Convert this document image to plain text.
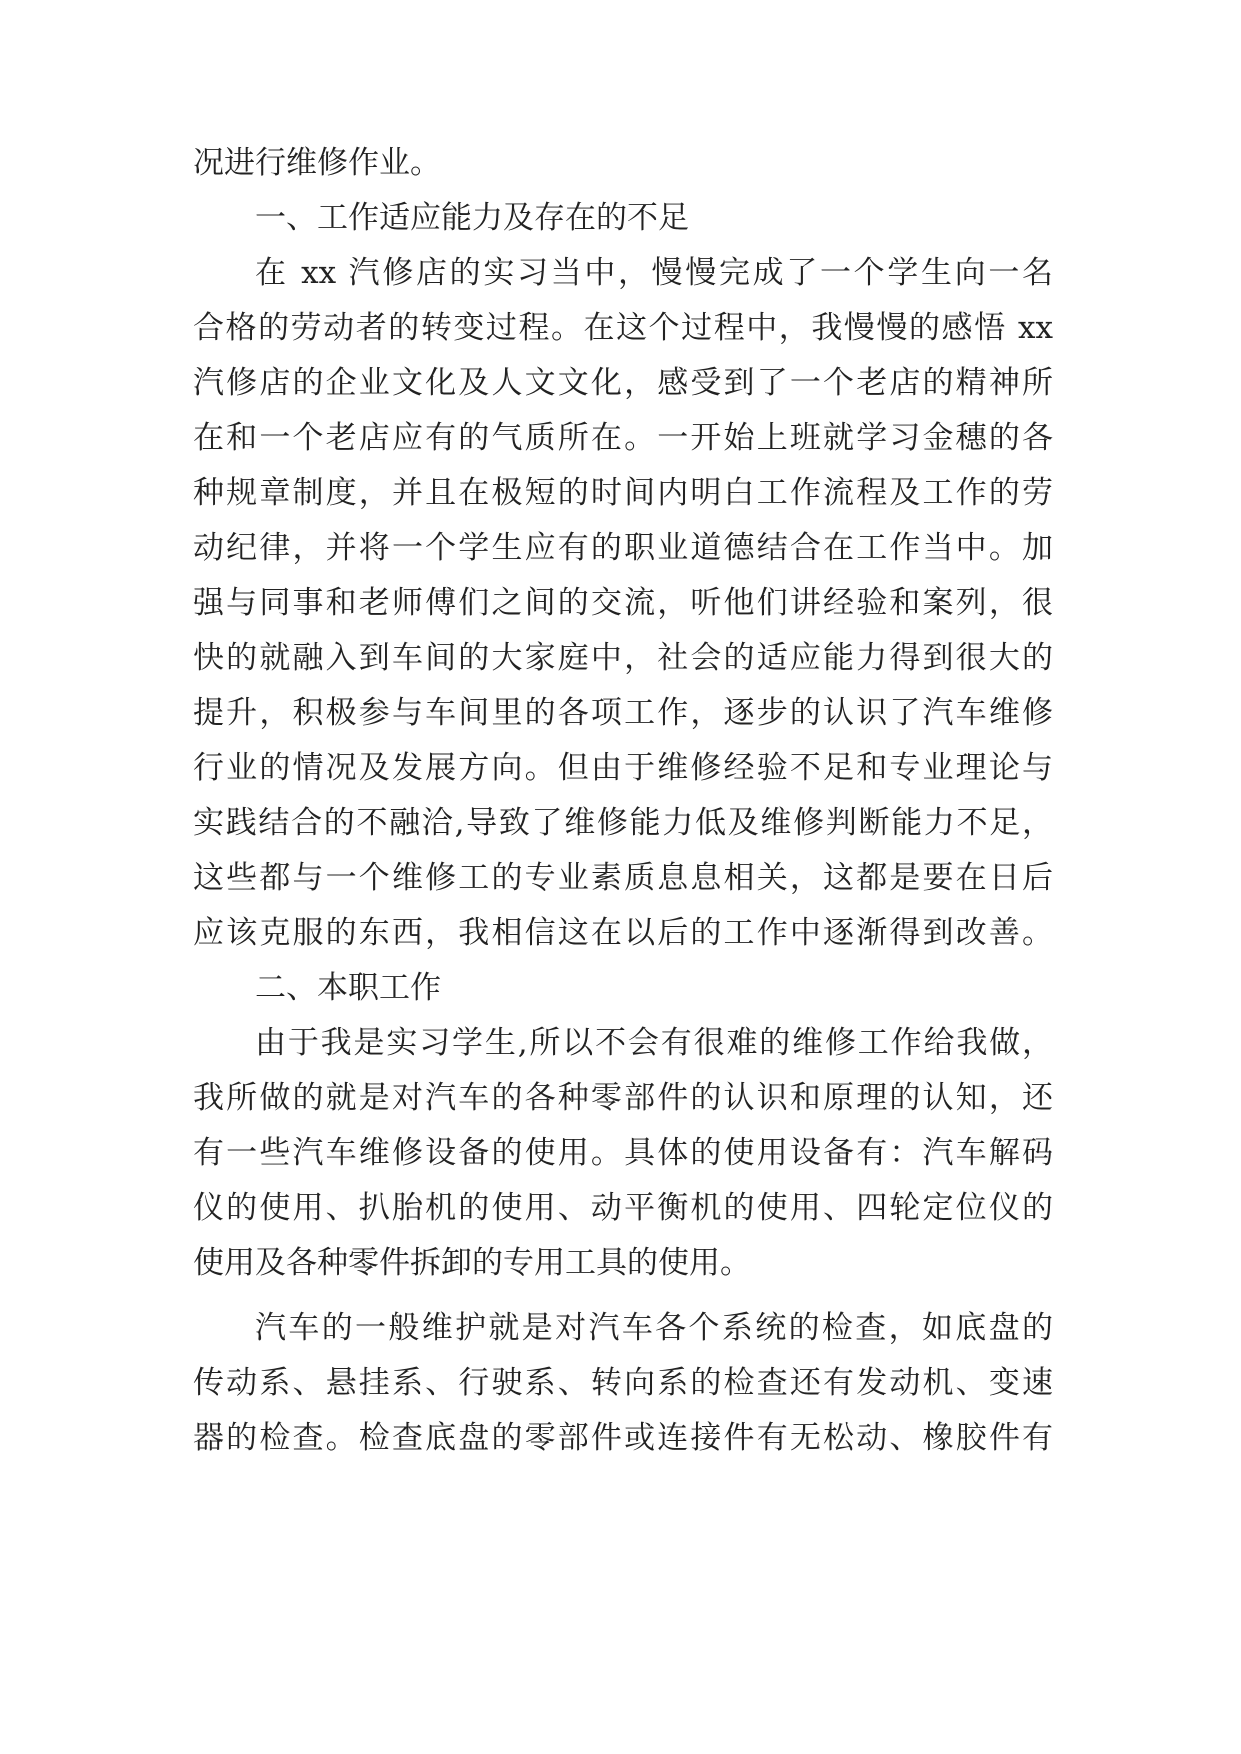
况进行维修作业。
一、工作适应能力及存在的不足
在 xx 汽修店的实习当中，慢慢完成了一个学生向一名
合格的劳动者的转变过程。在这个过程中，我慢慢的感悟 xx
汽修店的企业文化及人文文化，感受到了一个老店的精神所
在和一个老店应有的气质所在。一开始上班就学习金穗的各
种规章制度，并且在极短的时间内明白工作流程及工作的劳
动纪律，并将一个学生应有的职业道德结合在工作当中。加
强与同事和老师傅们之间的交流，听他们讲经验和案列，很
快的就融入到车间的大家庭中，社会的适应能力得到很大的
提升，积极参与车间里的各项工作，逐步的认识了汽车维修
行业的情况及发展方向。但由于维修经验不足和专业理论与
实践结合的不融洽,导致了维修能力低及维修判断能力不足，
这些都与一个维修工的专业素质息息相关，这都是要在日后
应该克服的东西，我相信这在以后的工作中逐渐得到改善。
二、本职工作
由于我是实习学生,所以不会有很难的维修工作给我做，
我所做的就是对汽车的各种零部件的认识和原理的认知，还
有一些汽车维修设备的使用。具体的使用设备有：汽车解码
仪的使用、扒胎机的使用、动平衡机的使用、四轮定位仪的
使用及各种零件拆卸的专用工具的使用。
汽车的一般维护就是对汽车各个系统的检查，如底盘的
传动系、悬挂系、行驶系、转向系的检查还有发动机、变速
器的检查。检查底盘的零部件或连接件有无松动、橡胶件有
